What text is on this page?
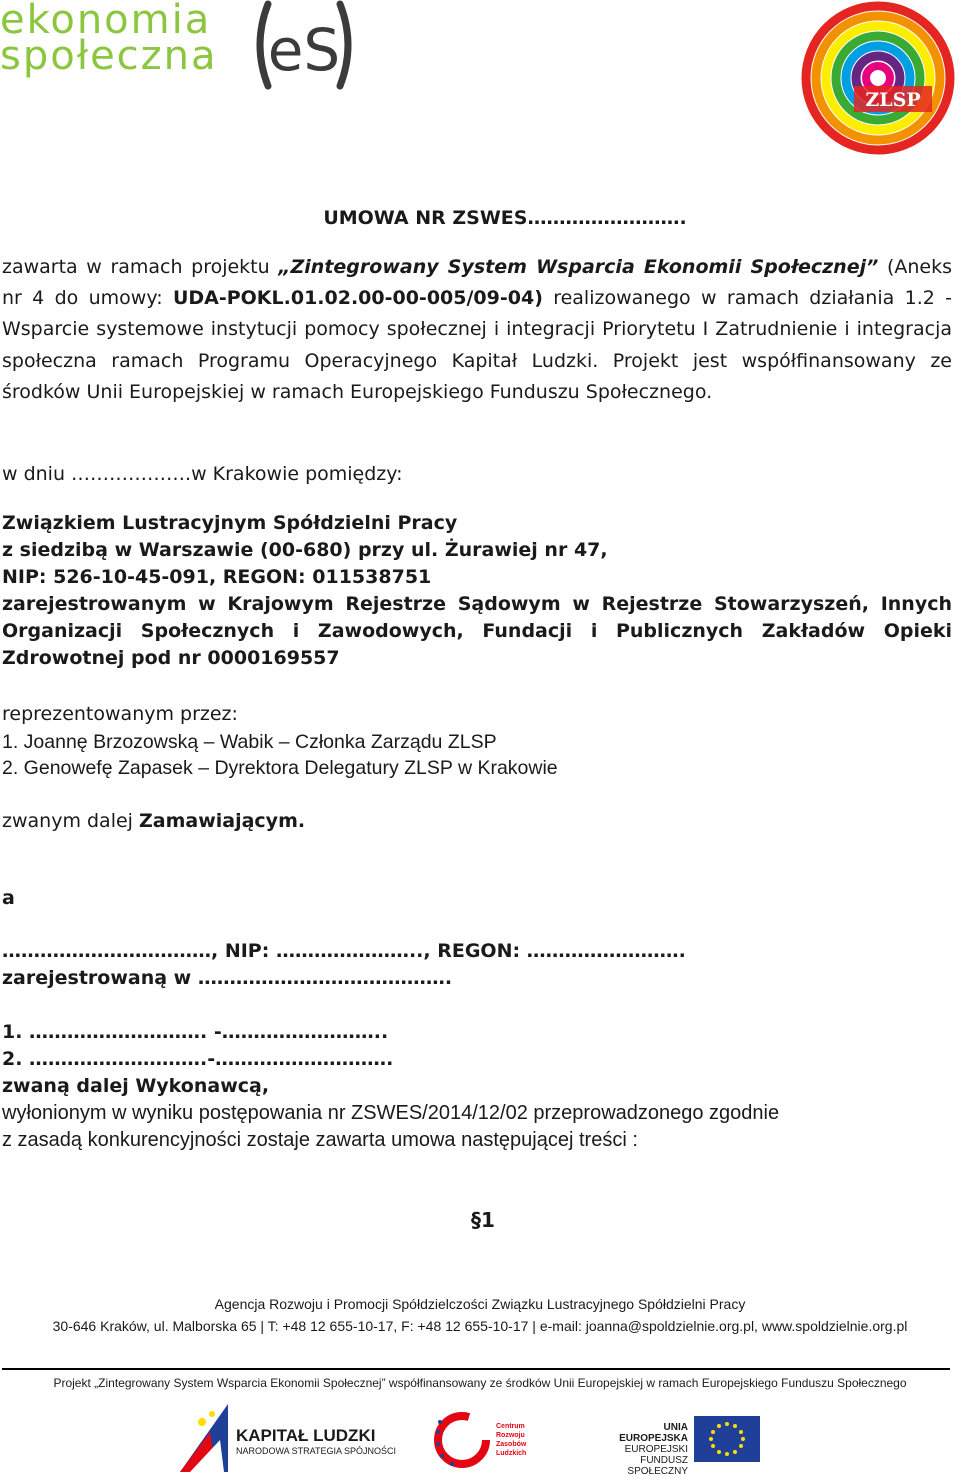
ekonomia
społeczna eS
ZLSP
UMOWA NR ZSWES…………………….
zawarta w ramach projektu „Zintegrowany System Wsparcia Ekonomii Społecznej” (Aneks nr 4 do umowy: UDA-POKL.01.02.00-00-005/09-04) realizowanego w ramach działania 1.2 - Wsparcie systemowe instytucji pomocy społecznej i integracji Priorytetu I Zatrudnienie i integracja społeczna ramach Programu Operacyjnego Kapitał Ludzki. Projekt jest współfinansowany ze środków Unii Europejskiej w ramach Europejskiego Funduszu Społecznego.
w dniu ……………….w Krakowie pomiędzy:
Związkiem Lustracyjnym Spółdzielni Pracy
z siedzibą w Warszawie (00-680) przy ul. Żurawiej nr 47,
NIP: 526-10-45-091, REGON: 011538751
zarejestrowanym w Krajowym Rejestrze Sądowym w Rejestrze Stowarzyszeń, Innych Organizacji Społecznych i Zawodowych, Fundacji i Publicznych Zakładów Opieki Zdrowotnej pod nr 0000169557
reprezentowanym przez:
1. Joannę Brzozowską – Wabik – Członka Zarządu ZLSP
2. Genowefę Zapasek – Dyrektora Delegatury ZLSP w Krakowie
zwanym dalej Zamawiającym.
a
……………………………, NIP: ………………….., REGON: …………………….
zarejestrowaną w ………………………………….
1. ………………………. -……………………..
2. ……………………….-……………………….
zwaną dalej Wykonawcą,
wyłonionym w wyniku postępowania nr ZSWES/2014/12/02 przeprowadzonego zgodnie
z zasadą konkurencyjności zostaje zawarta umowa następującej treści :
§1
Agencja Rozwoju i Promocji Spółdzielczości Związku Lustracyjnego Spółdzielni Pracy
30-646 Kraków, ul. Malborska 65 | T: +48 12 655-10-17, F: +48 12 655-10-17 | e-mail: joanna@spoldzielnie.org.pl, www.spoldzielnie.org.pl
Projekt „Zintegrowany System Wsparcia Ekonomii Społecznej” współfinansowany ze środków Unii Europejskiej w ramach Europejskiego Funduszu Społecznego
KAPITAŁ LUDZKI
NARODOWA STRATEGIA SPÓJNOŚCI
Centrum
Rozwoju
Zasobów
Ludzkich
UNIA EUROPEJSKA
EUROPEJSKI
FUNDUSZ SPOŁECZNY
